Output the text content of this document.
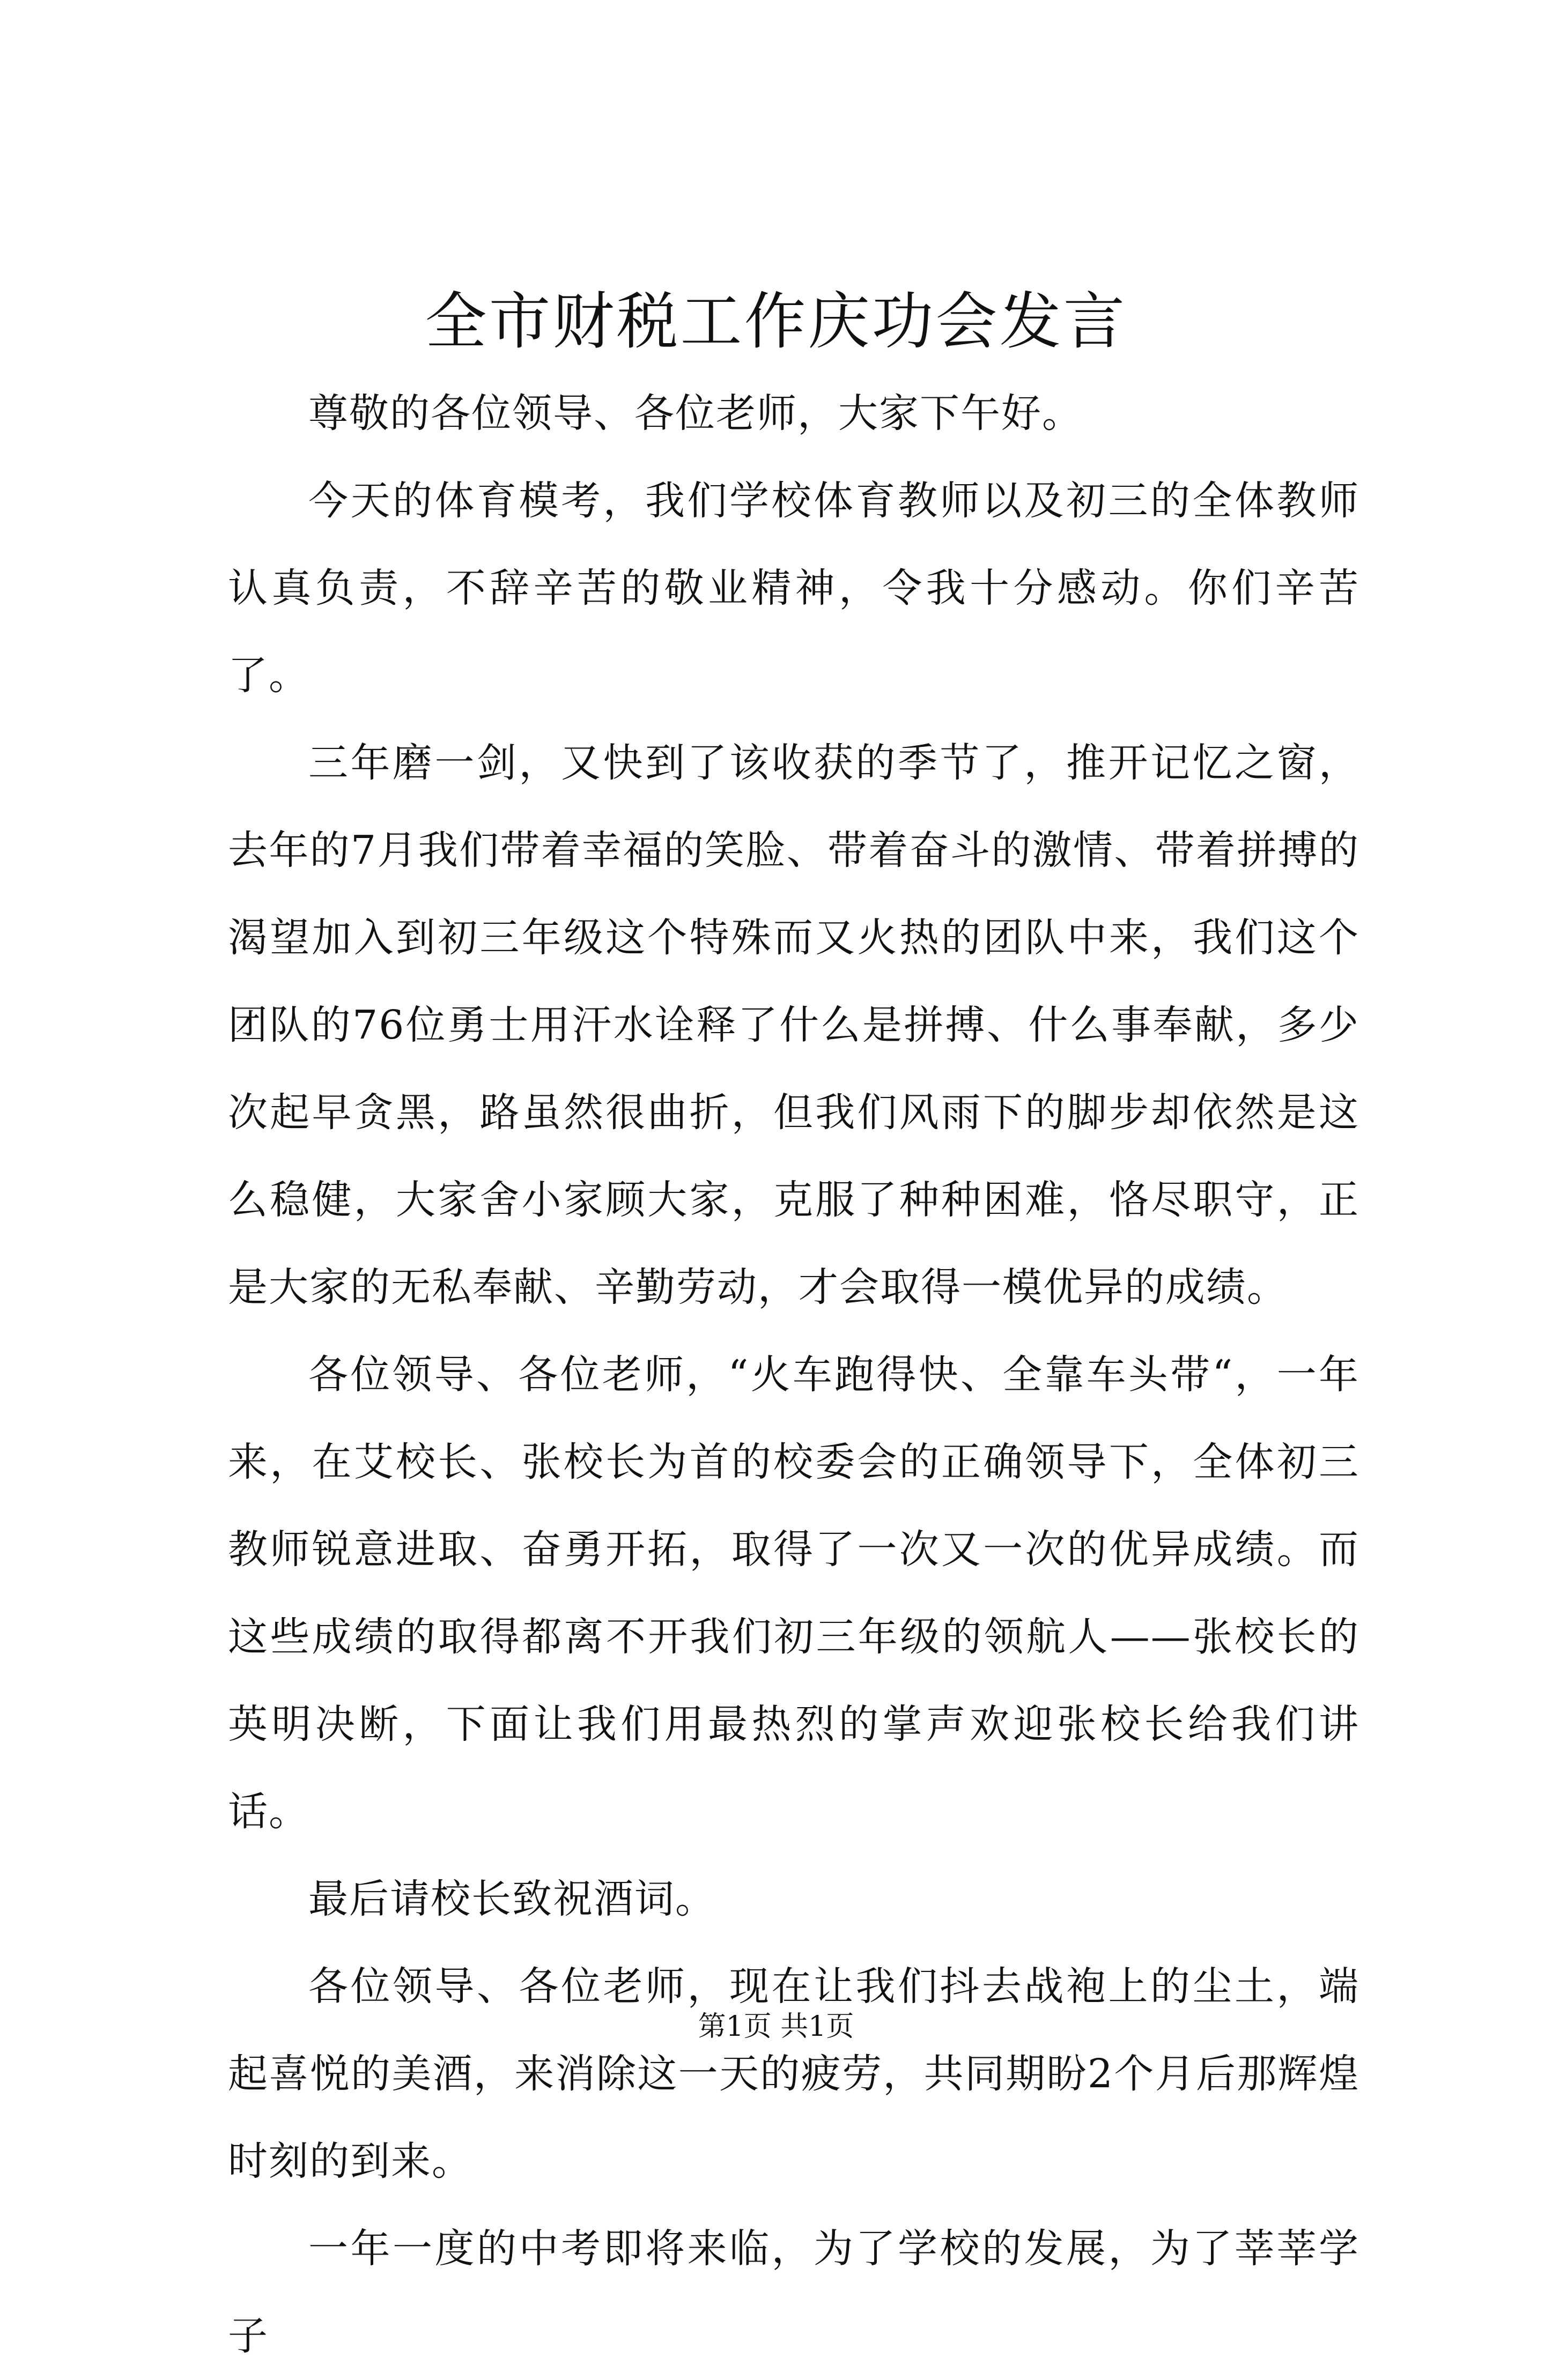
全市财税工作庆功会发言

尊敬的各位领导、各位老师，大家下午好。

今天的体育模考，我们学校体育教师以及初三的全体教师认真负责，不辞辛苦的敬业精神，令我十分感动。你们辛苦了。

三年磨一剑，又快到了该收获的季节了，推开记忆之窗，去年的7月我们带着幸福的笑脸、带着奋斗的激情、带着拼搏的渴望加入到初三年级这个特殊而又火热的团队中来，我们这个团队的76位勇士用汗水诠释了什么是拼搏、什么事奉献，多少次起早贪黑，路虽然很曲折，但我们风雨下的脚步却依然是这么稳健，大家舍小家顾大家，克服了种种困难，恪尽职守，正是大家的无私奉献、辛勤劳动，才会取得一模优异的成绩。

各位领导、各位老师，“火车跑得快、全靠车头带“，一年来，在艾校长、张校长为首的校委会的正确领导下，全体初三教师锐意进取、奋勇开拓，取得了一次又一次的优异成绩。而这些成绩的取得都离不开我们初三年级的领航人——张校长的英明决断，下面让我们用最热烈的掌声欢迎张校长给我们讲话。

最后请校长致祝酒词。

各位领导、各位老师，现在让我们抖去战袍上的尘土，端起喜悦的美酒，来消除这一天的疲劳，共同期盼2个月后那辉煌时刻的到来。

一年一度的中考即将来临，为了学校的发展，为了莘莘学子

第1页 共1页
